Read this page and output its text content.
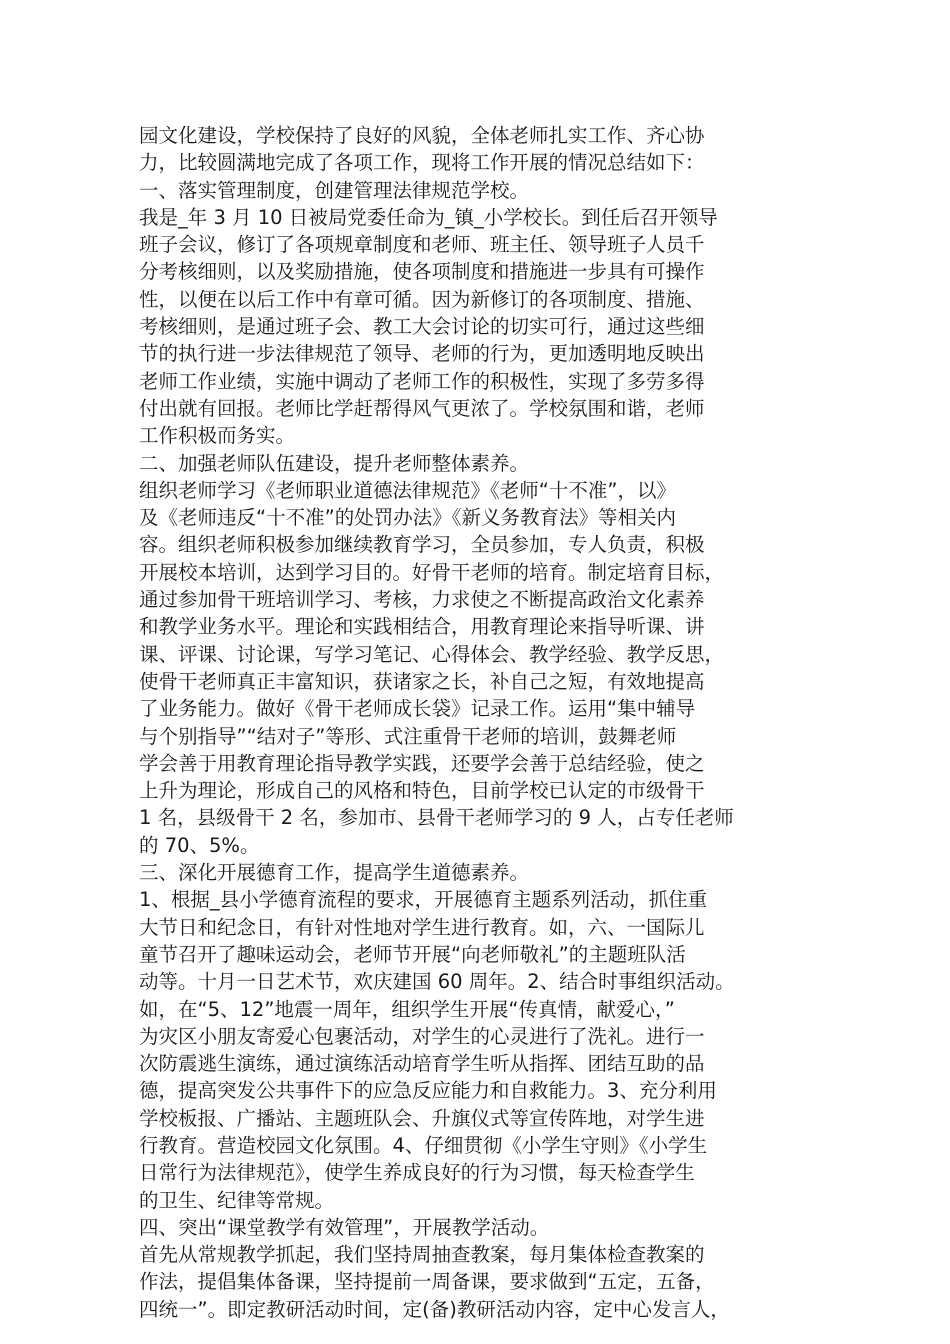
园文化建设，学校保持了良好的风貌，全体老师扎实工作、齐心协
力，比较圆满地完成了各项工作，现将工作开展的情况总结如下：
一、落实管理制度，创建管理法律规范学校。
我是_年 3 月 10 日被局党委任命为_镇_小学校长。到任后召开领导
班子会议，修订了各项规章制度和老师、班主任、领导班子人员千
分考核细则，以及奖励措施，使各项制度和措施进一步具有可操作
性，以便在以后工作中有章可循。因为新修订的各项制度、措施、
考核细则，是通过班子会、教工大会讨论的切实可行，通过这些细
节的执行进一步法律规范了领导、老师的行为，更加透明地反映出
老师工作业绩，实施中调动了老师工作的积极性，实现了多劳多得
付出就有回报。老师比学赶帮得风气更浓了。学校氛围和谐，老师
工作积极而务实。
二、加强老师队伍建设，提升老师整体素养。
组织老师学习《老师职业道德法律规范》《老师“十不准”，以》
及《老师违反“十不准”的处罚办法》《新义务教育法》等相关内
容。组织老师积极参加继续教育学习，全员参加，专人负责，积极
开展校本培训，达到学习目的。好骨干老师的培育。制定培育目标，
通过参加骨干班培训学习、考核，力求使之不断提高政治文化素养
和教学业务水平。理论和实践相结合，用教育理论来指导听课、讲
课、评课、讨论课，写学习笔记、心得体会、教学经验、教学反思，
使骨干老师真正丰富知识，获诸家之长，补自己之短，有效地提高
了业务能力。做好《骨干老师成长袋》记录工作。运用“集中辅导
与个别指导”“结对子”等形、式注重骨干老师的培训，鼓舞老师
学会善于用教育理论指导教学实践，还要学会善于总结经验，使之
上升为理论，形成自己的风格和特色，目前学校已认定的市级骨干
1 名，县级骨干 2 名，参加市、县骨干老师学习的 9 人，占专任老师
的 70、5%。
三、深化开展德育工作，提高学生道德素养。
1、根据_县小学德育流程的要求，开展德育主题系列活动，抓住重
大节日和纪念日，有针对性地对学生进行教育。如，六、一国际儿
童节召开了趣味运动会，老师节开展“向老师敬礼”的主题班队活
动等。十月一日艺术节，欢庆建国 60 周年。2、结合时事组织活动。
如，在“5、12”地震一周年，组织学生开展“传真情，献爱心，”
为灾区小朋友寄爱心包裹活动，对学生的心灵进行了洗礼。进行一
次防震逃生演练，通过演练活动培育学生听从指挥、团结互助的品
德，提高突发公共事件下的应急反应能力和自救能力。3、充分利用
学校板报、广播站、主题班队会、升旗仪式等宣传阵地，对学生进
行教育。营造校园文化氛围。4、仔细贯彻《小学生守则》《小学生
日常行为法律规范》，使学生养成良好的行为习惯，每天检查学生
的卫生、纪律等常规。
四、突出“课堂教学有效管理”，开展教学活动。
首先从常规教学抓起，我们坚持周抽查教案，每月集体检查教案的
作法，提倡集体备课，坚持提前一周备课，要求做到“五定，五备，
四统一”。即定教研活动时间，定(备)教研活动内容，定中心发言人，
